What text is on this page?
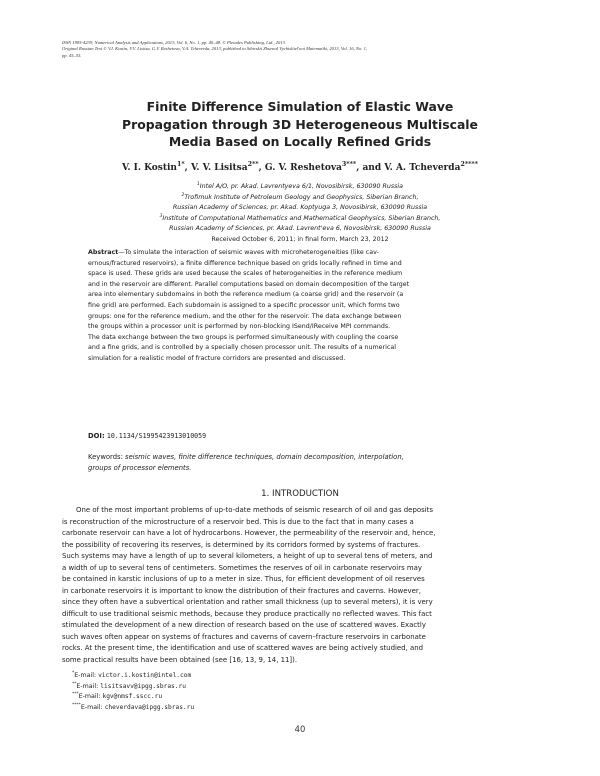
ISSN 1995-4239, Numerical Analysis and Applications, 2013, Vol. 6, No. 1, pp. 40–48. © Pleiades Publishing, Ltd., 2013.
Original Russian Text © V.I. Kostin, V.V. Lisitsa, G.V. Reshetova, V.A. Tcheverda, 2013, published in Sibirskii Zhurnal Vychislitel'noi Matematiki, 2013, Vol. 16, No. 1,
pp. 45–55.
Finite Difference Simulation of Elastic Wave
Propagation through 3D Heterogeneous Multiscale
Media Based on Locally Refined Grids
V. I. Kostin$^{1*}$, V. V. Lisitsa$^{2**}$, G. V. Reshetova$^{3***}$, and V. A. Tcheverda$^{2****}$
$^1$Intel A/O, pr. Akad. Lavrentyeva 6/1, Novosibirsk, 630090 Russia
$^2$Trofimuk Institute of Petroleum Geology and Geophysics, Siberian Branch,
Russian Academy of Sciences, pr. Akad. Koptyuga 3, Novosibirsk, 630090 Russia
$^3$Institute of Computational Mathematics and Mathematical Geophysics, Siberian Branch,
Russian Academy of Sciences, pr. Akad. Lavrent'eva 6, Novosibirsk, 630090 Russia
Received October 6, 2011; in final form, March 23, 2012
Abstract—To simulate the interaction of seismic waves with microheterogeneities (like cav-
ernous/fractured reservoirs), a finite difference technique based on grids locally refined in time and
space is used. These grids are used because the scales of heterogeneities in the reference medium
and in the reservoir are different. Parallel computations based on domain decomposition of the target
area into elementary subdomains in both the reference medium (a coarse grid) and the reservoir (a
fine grid) are performed. Each subdomain is assigned to a specific processor unit, which forms two
groups: one for the reference medium, and the other for the reservoir. The data exchange between
the groups within a processor unit is performed by non-blocking ISend/IReceive MPI commands.
The data exchange between the two groups is performed simultaneously with coupling the coarse
and a fine grids, and is controlled by a specially chosen processor unit. The results of a numerical
simulation for a realistic model of fracture corridors are presented and discussed.
DOI: 10.1134/S1995423913010059
Keywords: seismic waves, finite difference techniques, domain decomposition, interpolation,
groups of processor elements.
1. INTRODUCTION
One of the most important problems of up-to-date methods of seismic research of oil and gas deposits
is reconstruction of the microstructure of a reservoir bed. This is due to the fact that in many cases a
carbonate reservoir can have a lot of hydrocarbons. However, the permeability of the reservoir and, hence,
the possibility of recovering its reserves, is determined by its corridors formed by systems of fractures.
Such systems may have a length of up to several kilometers, a height of up to several tens of meters, and
a width of up to several tens of centimeters. Sometimes the reserves of oil in carbonate reservoirs may
be contained in karstic inclusions of up to a meter in size. Thus, for efficient development of oil reserves
in carbonate reservoirs it is important to know the distribution of their fractures and caverns. However,
since they often have a subvertical orientation and rather small thickness (up to several meters), it is very
difficult to use traditional seismic methods, because they produce practically no reflected waves. This fact
stimulated the development of a new direction of research based on the use of scattered waves. Exactly
such waves often appear on systems of fractures and caverns of cavern–fracture reservoirs in carbonate
rocks. At the present time, the identification and use of scattered waves are being actively studied, and
some practical results have been obtained (see [16, 13, 9, 14, 11]).
*E-mail: victor.i.kostin@intel.com
**E-mail: lisitsavv@ipgg.sbras.ru
***E-mail: kgv@nmsf.sscc.ru
****E-mail: cheverdava@ipgg.sbras.ru
40
